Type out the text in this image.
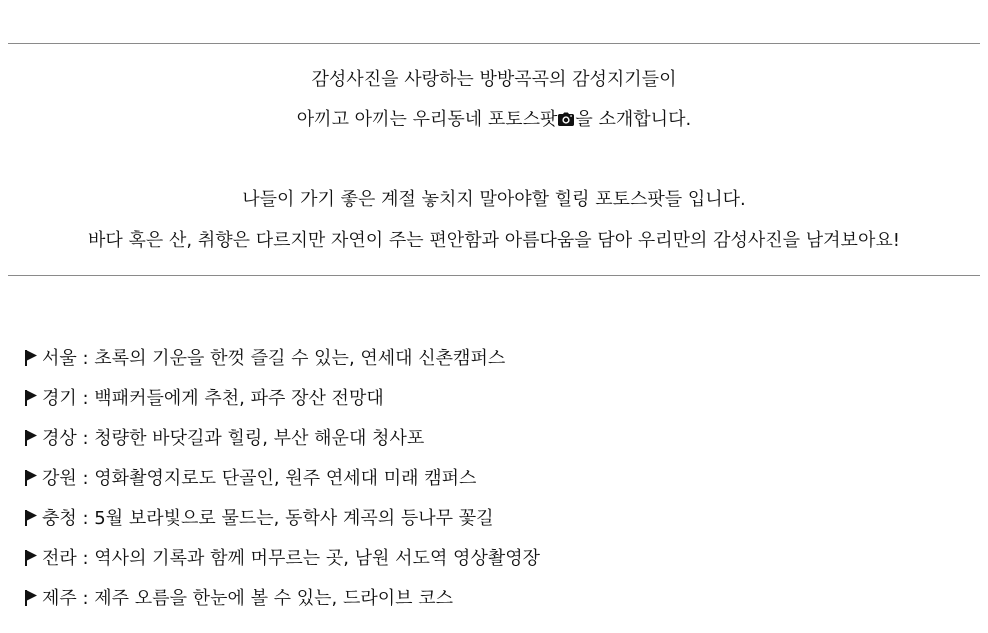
감성사진을 사랑하는 방방곡곡의 감성지기들이
아끼고 아끼는 우리동네 포토스팟 을 소개합니다.
나들이 가기 좋은 계절 놓치지 말아야할 힐링 포토스팟들 입니다.
바다 혹은 산, 취향은 다르지만 자연이 주는 편안함과 아름다움을 담아 우리만의 감성사진을 남겨보아요!
서울 : 초록의 기운을 한껏 즐길 수 있는, 연세대 신촌캠퍼스
경기 : 백패커들에게 추천, 파주 장산 전망대
경상 : 청량한 바닷길과 힐링, 부산 해운대 청사포
강원 : 영화촬영지로도 단골인, 원주 연세대 미래 캠퍼스
충청 : 5월 보라빛으로 물드는, 동학사 계곡의 등나무 꽃길
전라 : 역사의 기록과 함께 머무르는 곳, 남원 서도역 영상촬영장
제주 : 제주 오름을 한눈에 볼 수 있는, 드라이브 코스
